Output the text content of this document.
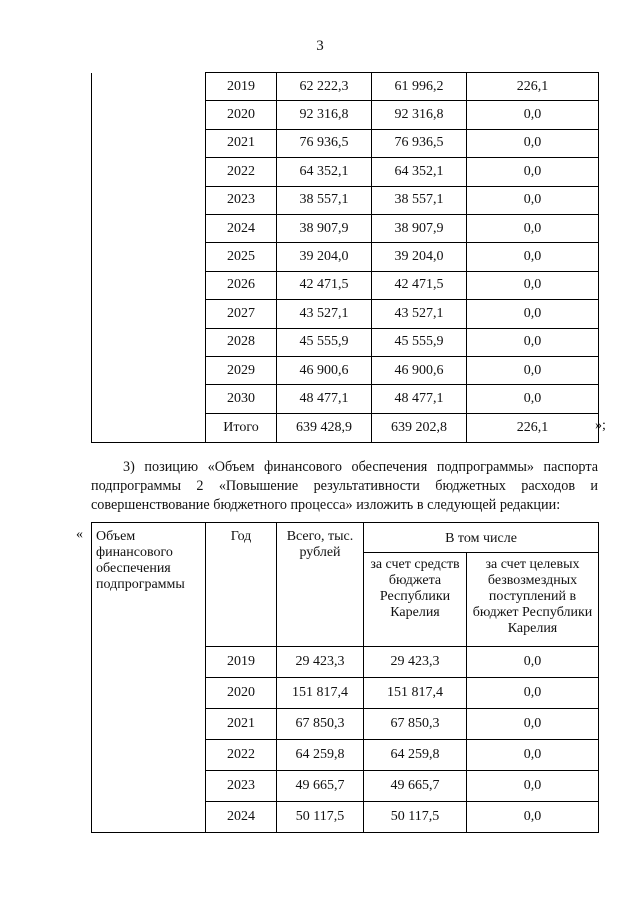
3
	2019	62 222,3	61 996,2	226,1
	2020	92 316,8	92 316,8	0,0
	2021	76 936,5	76 936,5	0,0
	2022	64 352,1	64 352,1	0,0
	2023	38 557,1	38 557,1	0,0
	2024	38 907,9	38 907,9	0,0
	2025	39 204,0	39 204,0	0,0
	2026	42 471,5	42 471,5	0,0
	2027	43 527,1	43 527,1	0,0
	2028	45 555,9	45 555,9	0,0
	2029	46 900,6	46 900,6	0,0
	2030	48 477,1	48 477,1	0,0
	Итого	639 428,9	639 202,8	226,1	»;
3) позицию «Объем финансового обеспечения подпрограммы» паспорта
подпрограммы 2 «Повышение результативности бюджетных расходов и
совершенствование бюджетного процесса» изложить в следующей редакции:
« Объем финансового обеспечения подпрограммы	Год	Всего, тыс. рублей	В том числе	
			за счет средств бюджета Республики Карелия	за счет целевых безвозмездных поступлений в бюджет Республики Карелия
	2019	29 423,3	29 423,3	0,0
	2020	151 817,4	151 817,4	0,0
	2021	67 850,3	67 850,3	0,0
	2022	64 259,8	64 259,8	0,0
	2023	49 665,7	49 665,7	0,0
	2024	50 117,5	50 117,5	0,0
